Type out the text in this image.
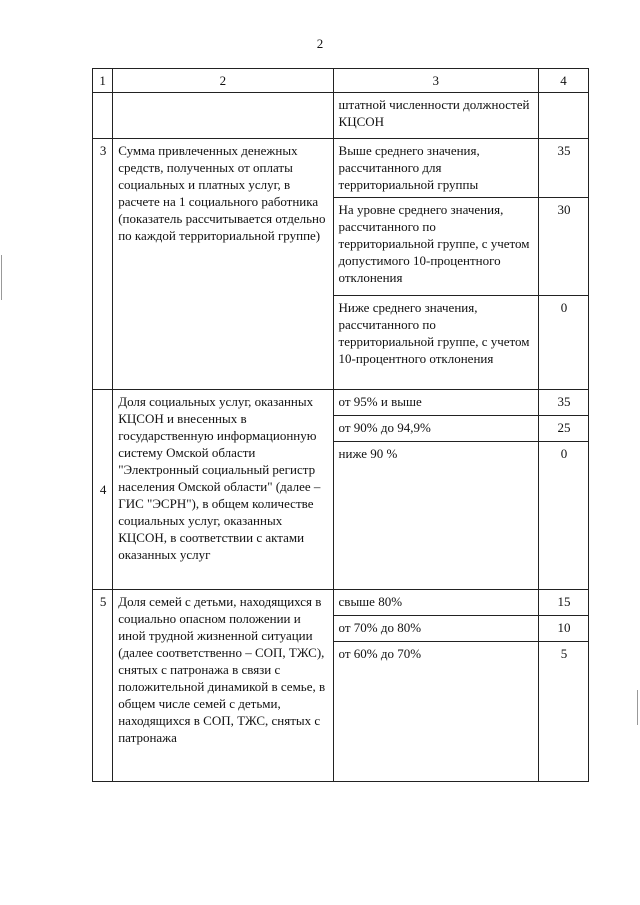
2
1	2	3	4
		штатной численности должностей КЦСОН	
3	Сумма привлеченных денежных средств, полученных от оплаты социальных и платных услуг, в расчете на 1 социального работника (показатель рассчитывается отдельно по каждой территориальной группе)	Выше среднего значения, рассчитанного для территориальной группы	35
		На уровне среднего значения, рассчитанного по территориальной группе, с учетом допустимого 10-процентного отклонения	30
		Ниже среднего значения, рассчитанного по территориальной группе, с учетом 10-процентного отклонения	0
4	Доля социальных услуг, оказанных КЦСОН и внесенных в государственную информационную систему Омской области "Электронный социальный регистр населения Омской области" (далее – ГИС "ЭСРН"), в общем количестве социальных услуг, оказанных КЦСОН, в соответствии с актами оказанных услуг	от 95% и выше	35
		от 90% до 94,9%	25
		ниже 90 %	0
5	Доля семей с детьми, находящихся в социально опасном положении и иной трудной жизненной ситуации (далее соответственно – СОП, ТЖС), снятых с патронажа в связи с положительной динамикой в семье, в общем числе семей с детьми, находящихся в СОП, ТЖС, снятых с патронажа	свыше 80%	15
		от 70% до 80%	10
		от 60% до 70%	5
